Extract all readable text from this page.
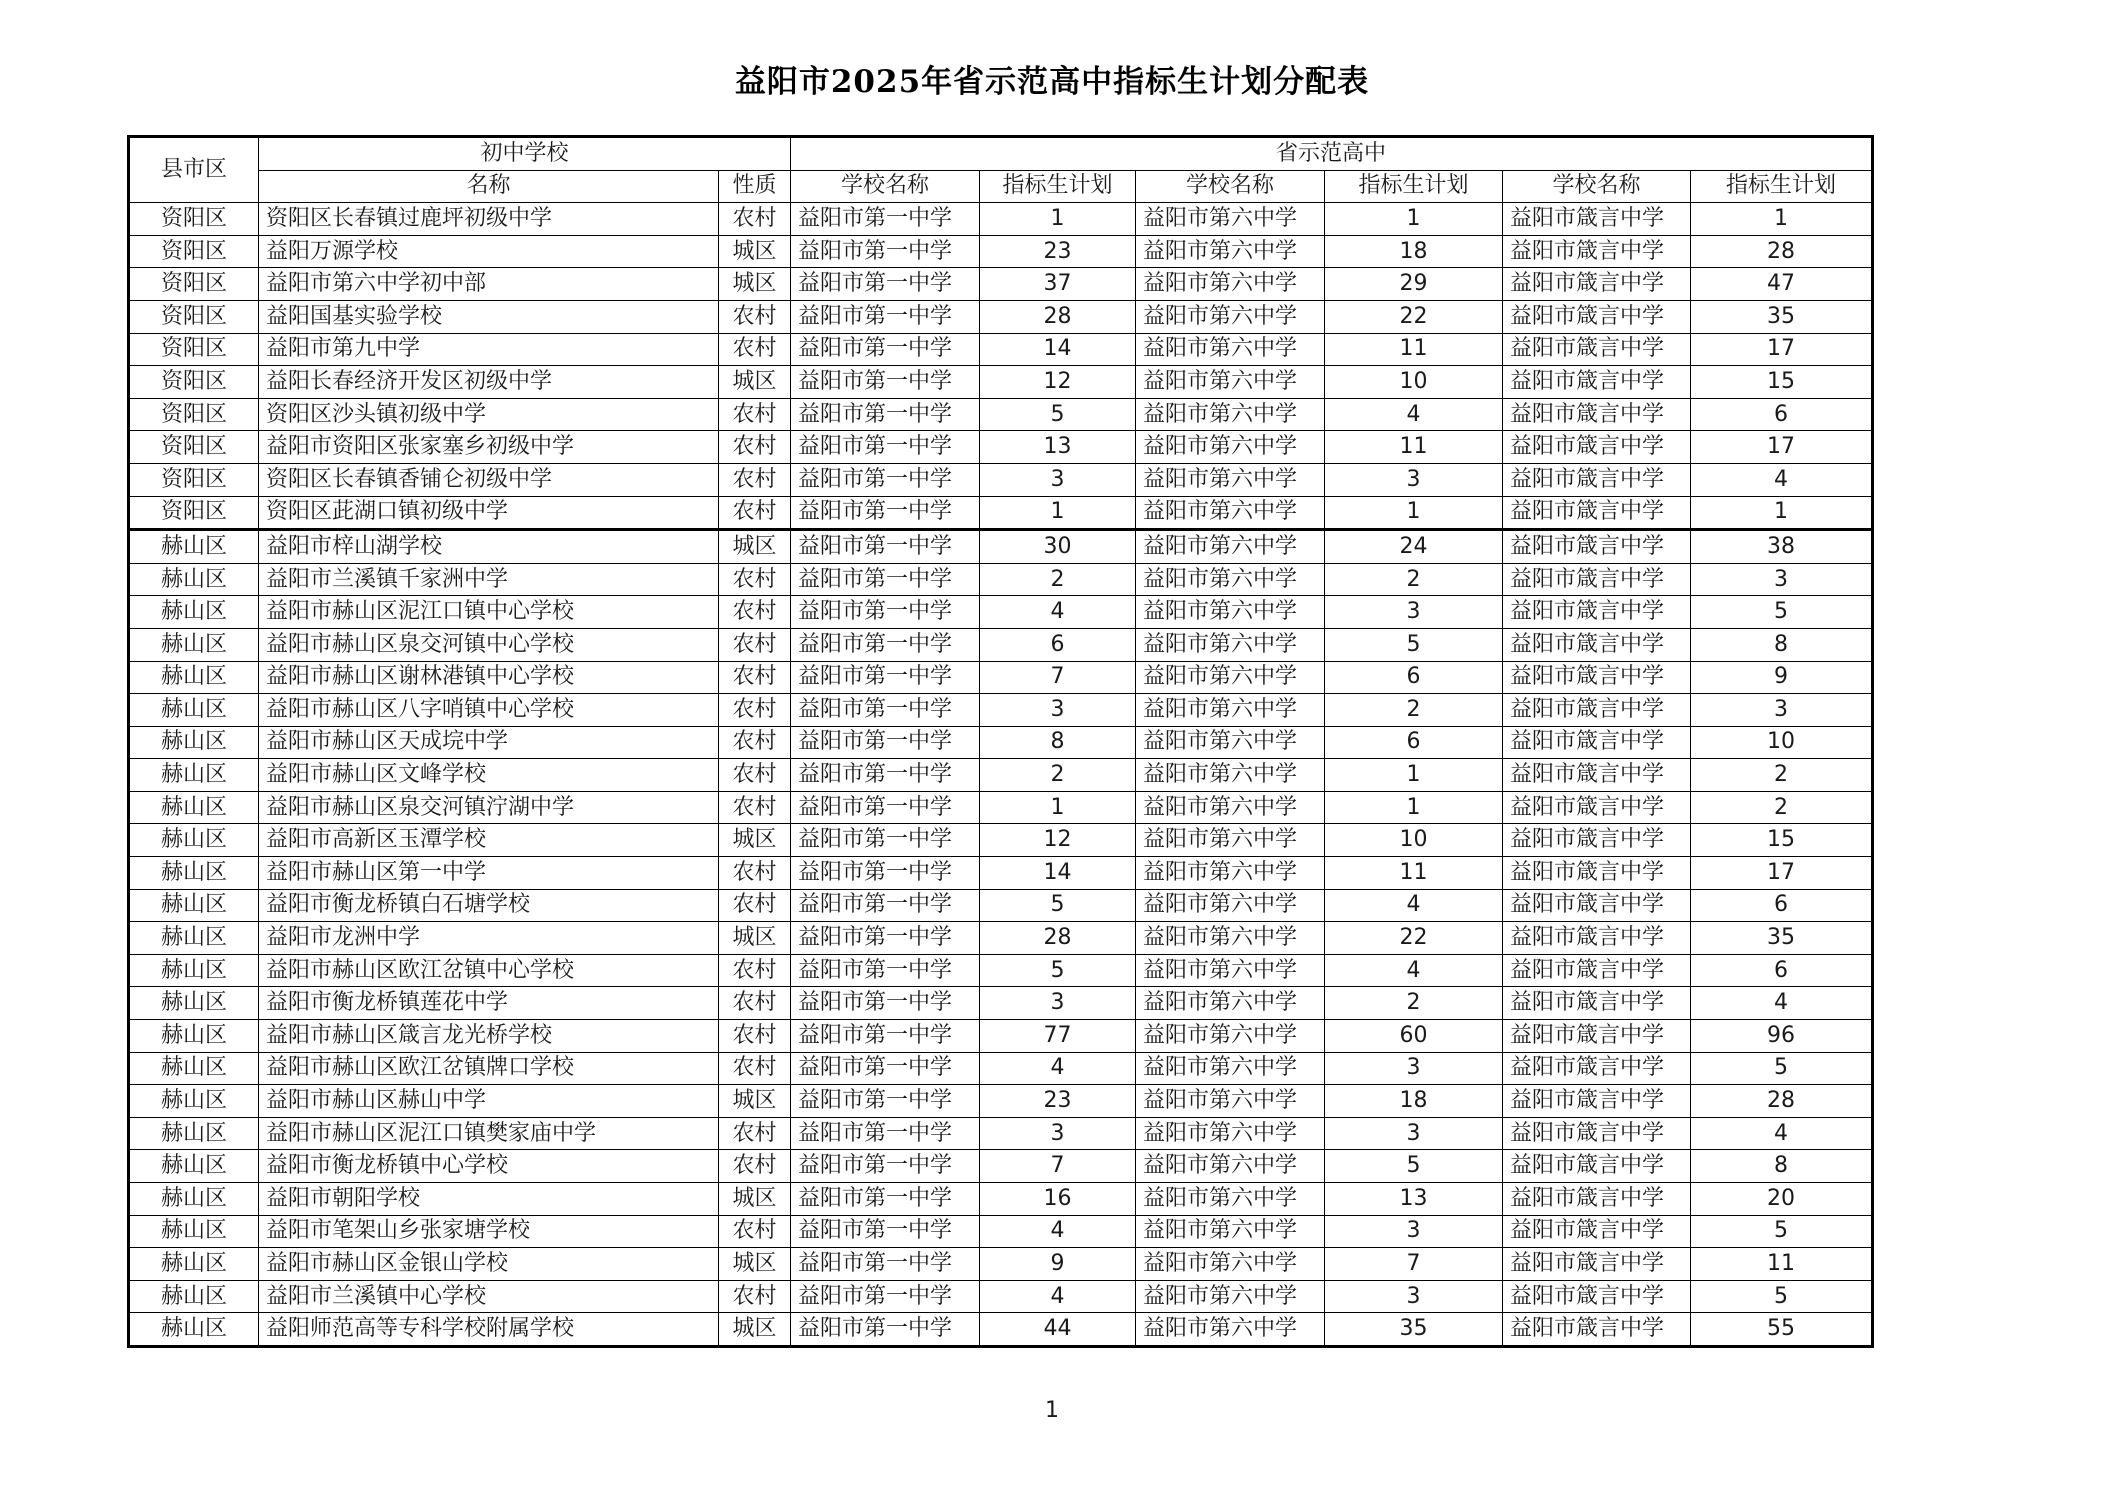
益阳市2025年省示范高中指标生计划分配表
县市区	初中学校		省示范高中					
	名称	性质	学校名称	指标生计划	学校名称	指标生计划	学校名称	指标生计划
资阳区	资阳区长春镇过鹿坪初级中学	农村	益阳市第一中学	1	益阳市第六中学	1	益阳市箴言中学	1
资阳区	益阳万源学校	城区	益阳市第一中学	23	益阳市第六中学	18	益阳市箴言中学	28
资阳区	益阳市第六中学初中部	城区	益阳市第一中学	37	益阳市第六中学	29	益阳市箴言中学	47
资阳区	益阳国基实验学校	农村	益阳市第一中学	28	益阳市第六中学	22	益阳市箴言中学	35
资阳区	益阳市第九中学	农村	益阳市第一中学	14	益阳市第六中学	11	益阳市箴言中学	17
资阳区	益阳长春经济开发区初级中学	城区	益阳市第一中学	12	益阳市第六中学	10	益阳市箴言中学	15
资阳区	资阳区沙头镇初级中学	农村	益阳市第一中学	5	益阳市第六中学	4	益阳市箴言中学	6
资阳区	益阳市资阳区张家塞乡初级中学	农村	益阳市第一中学	13	益阳市第六中学	11	益阳市箴言中学	17
资阳区	资阳区长春镇香铺仑初级中学	农村	益阳市第一中学	3	益阳市第六中学	3	益阳市箴言中学	4
资阳区	资阳区茈湖口镇初级中学	农村	益阳市第一中学	1	益阳市第六中学	1	益阳市箴言中学	1
赫山区	益阳市梓山湖学校	城区	益阳市第一中学	30	益阳市第六中学	24	益阳市箴言中学	38
赫山区	益阳市兰溪镇千家洲中学	农村	益阳市第一中学	2	益阳市第六中学	2	益阳市箴言中学	3
赫山区	益阳市赫山区泥江口镇中心学校	农村	益阳市第一中学	4	益阳市第六中学	3	益阳市箴言中学	5
赫山区	益阳市赫山区泉交河镇中心学校	农村	益阳市第一中学	6	益阳市第六中学	5	益阳市箴言中学	8
赫山区	益阳市赫山区谢林港镇中心学校	农村	益阳市第一中学	7	益阳市第六中学	6	益阳市箴言中学	9
赫山区	益阳市赫山区八字哨镇中心学校	农村	益阳市第一中学	3	益阳市第六中学	2	益阳市箴言中学	3
赫山区	益阳市赫山区天成垸中学	农村	益阳市第一中学	8	益阳市第六中学	6	益阳市箴言中学	10
赫山区	益阳市赫山区文峰学校	农村	益阳市第一中学	2	益阳市第六中学	1	益阳市箴言中学	2
赫山区	益阳市赫山区泉交河镇泞湖中学	农村	益阳市第一中学	1	益阳市第六中学	1	益阳市箴言中学	2
赫山区	益阳市高新区玉潭学校	城区	益阳市第一中学	12	益阳市第六中学	10	益阳市箴言中学	15
赫山区	益阳市赫山区第一中学	农村	益阳市第一中学	14	益阳市第六中学	11	益阳市箴言中学	17
赫山区	益阳市衡龙桥镇白石塘学校	农村	益阳市第一中学	5	益阳市第六中学	4	益阳市箴言中学	6
赫山区	益阳市龙洲中学	城区	益阳市第一中学	28	益阳市第六中学	22	益阳市箴言中学	35
赫山区	益阳市赫山区欧江岔镇中心学校	农村	益阳市第一中学	5	益阳市第六中学	4	益阳市箴言中学	6
赫山区	益阳市衡龙桥镇莲花中学	农村	益阳市第一中学	3	益阳市第六中学	2	益阳市箴言中学	4
赫山区	益阳市赫山区箴言龙光桥学校	农村	益阳市第一中学	77	益阳市第六中学	60	益阳市箴言中学	96
赫山区	益阳市赫山区欧江岔镇牌口学校	农村	益阳市第一中学	4	益阳市第六中学	3	益阳市箴言中学	5
赫山区	益阳市赫山区赫山中学	城区	益阳市第一中学	23	益阳市第六中学	18	益阳市箴言中学	28
赫山区	益阳市赫山区泥江口镇樊家庙中学	农村	益阳市第一中学	3	益阳市第六中学	3	益阳市箴言中学	4
赫山区	益阳市衡龙桥镇中心学校	农村	益阳市第一中学	7	益阳市第六中学	5	益阳市箴言中学	8
赫山区	益阳市朝阳学校	城区	益阳市第一中学	16	益阳市第六中学	13	益阳市箴言中学	20
赫山区	益阳市笔架山乡张家塘学校	农村	益阳市第一中学	4	益阳市第六中学	3	益阳市箴言中学	5
赫山区	益阳市赫山区金银山学校	城区	益阳市第一中学	9	益阳市第六中学	7	益阳市箴言中学	11
赫山区	益阳市兰溪镇中心学校	农村	益阳市第一中学	4	益阳市第六中学	3	益阳市箴言中学	5
赫山区	益阳师范高等专科学校附属学校	城区	益阳市第一中学	44	益阳市第六中学	35	益阳市箴言中学	55
1
